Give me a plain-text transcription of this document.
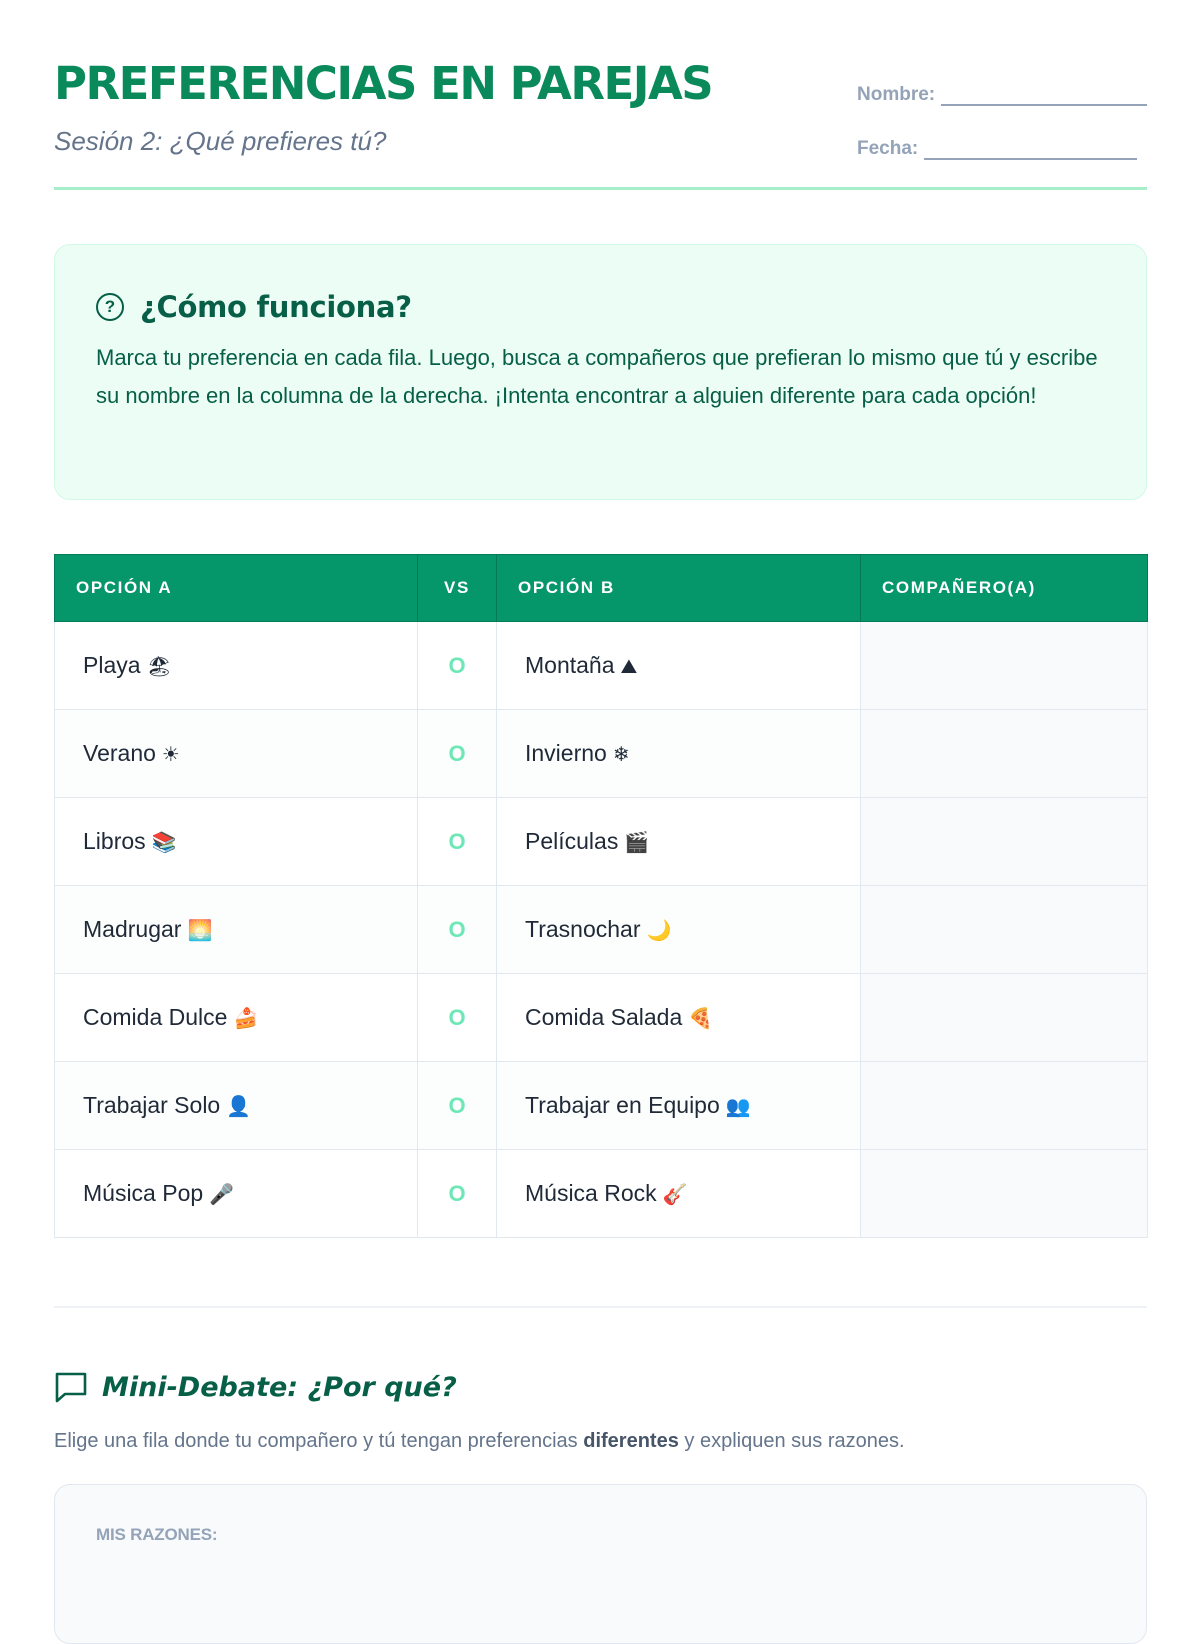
PREFERENCIAS EN PAREJAS

Sesión 2: ¿Qué prefieres tú?

Nombre:
Fecha:
? ¿Cómo funciona?

Marca tu preferencia en cada fila. Luego, busca a compañeros que prefieran lo mismo que tú y escribe su nombre en la columna de la derecha. ¡Intenta encontrar a alguien diferente para cada opción!

OPCIÓN A	VS	OPCIÓN B	COMPAÑERO(A)
Playa 🏖	O	Montaña ⛰	
Verano ☀	O	Invierno ❄	
Libros 📚	O	Películas 🎬	
Madrugar 🌅	O	Trasnochar 🌙	
Comida Dulce 🍰	O	Comida Salada 🍕	
Trabajar Solo 👤	O	Trabajar en Equipo 👥	
Música Pop 🎤	O	Música Rock 🎸	
Mini-Debate: ¿Por qué?

Elige una fila donde tu compañero y tú tengan preferencias diferentes y expliquen sus razones.

MIS RAZONES:
